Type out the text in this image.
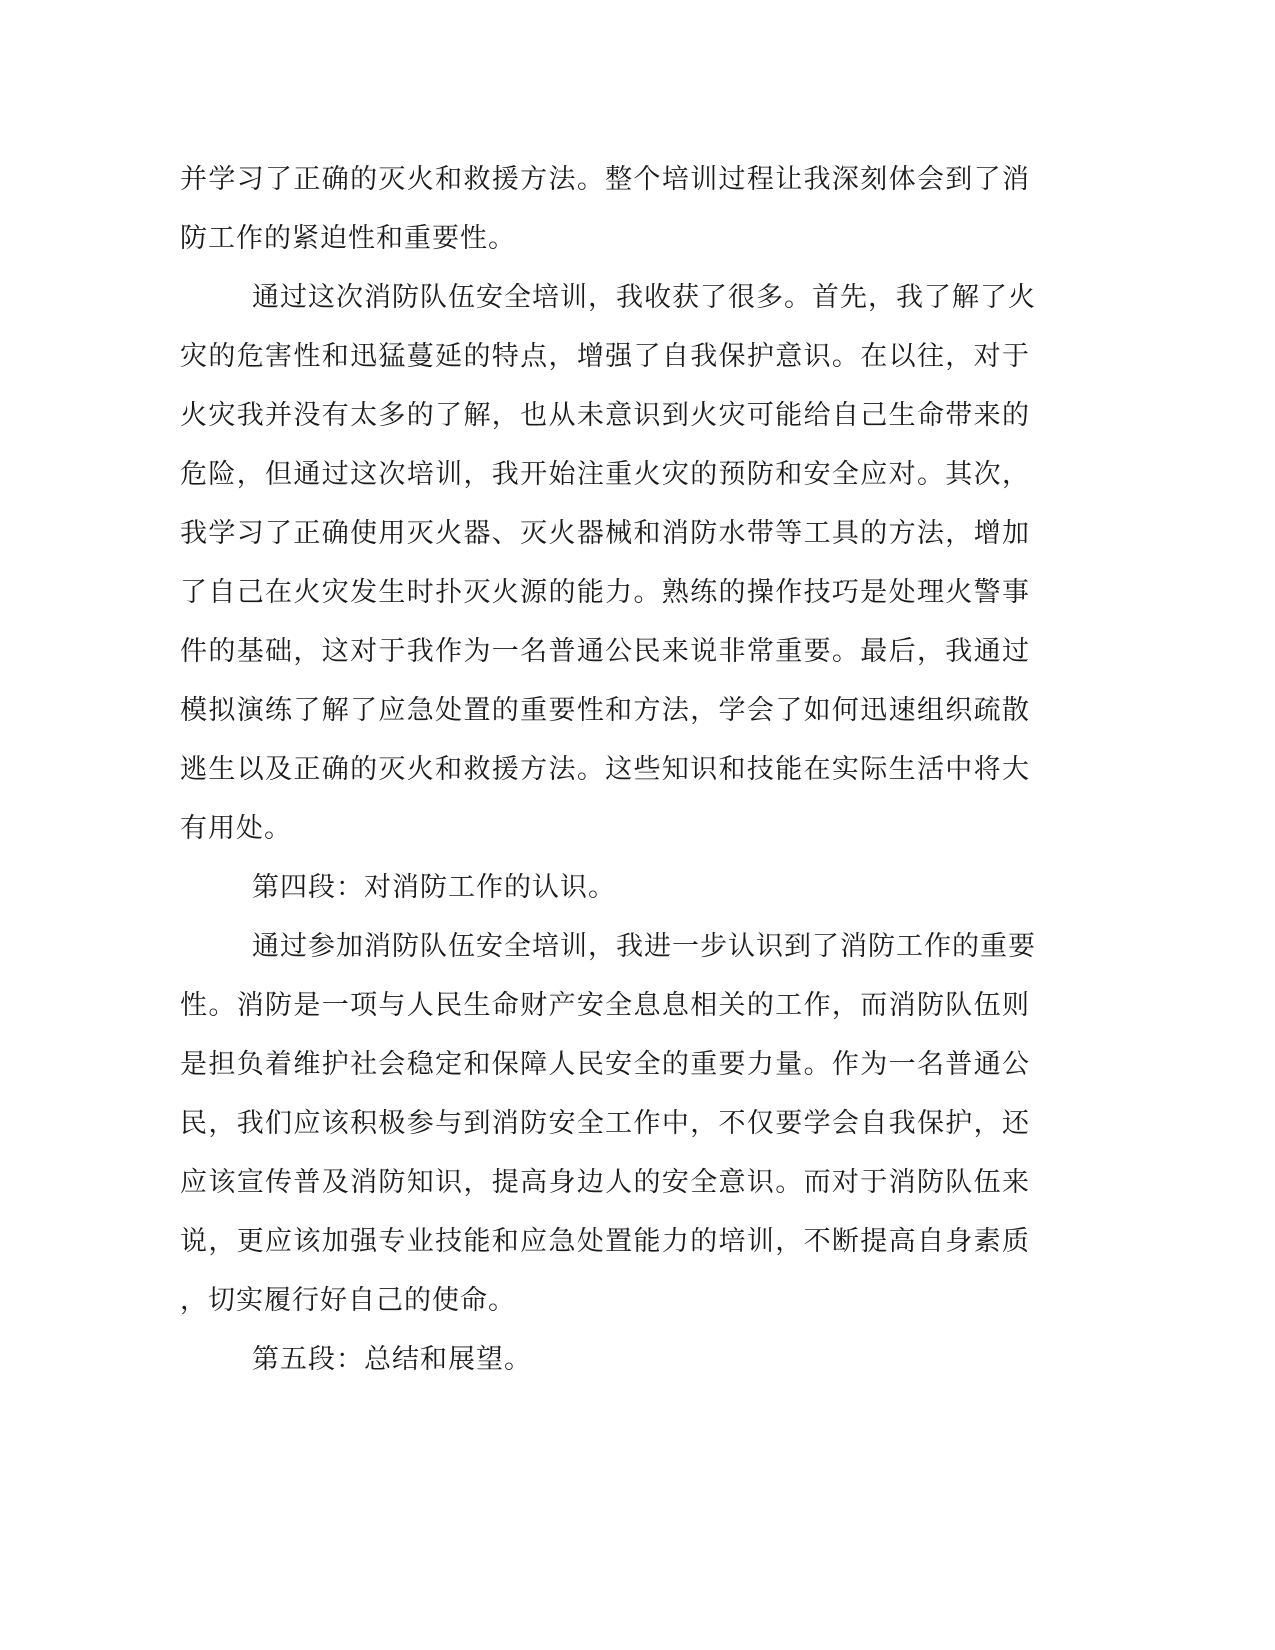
并学习了正确的灭火和救援方法。整个培训过程让我深刻体会到了消
防工作的紧迫性和重要性。
通过这次消防队伍安全培训，我收获了很多。首先，我了解了火
灾的危害性和迅猛蔓延的特点，增强了自我保护意识。在以往，对于
火灾我并没有太多的了解，也从未意识到火灾可能给自己生命带来的
危险，但通过这次培训，我开始注重火灾的预防和安全应对。其次，
我学习了正确使用灭火器、灭火器械和消防水带等工具的方法，增加
了自己在火灾发生时扑灭火源的能力。熟练的操作技巧是处理火警事
件的基础，这对于我作为一名普通公民来说非常重要。最后，我通过
模拟演练了解了应急处置的重要性和方法，学会了如何迅速组织疏散
逃生以及正确的灭火和救援方法。这些知识和技能在实际生活中将大
有用处。
第四段：对消防工作的认识。
通过参加消防队伍安全培训，我进一步认识到了消防工作的重要
性。消防是一项与人民生命财产安全息息相关的工作，而消防队伍则
是担负着维护社会稳定和保障人民安全的重要力量。作为一名普通公
民，我们应该积极参与到消防安全工作中，不仅要学会自我保护，还
应该宣传普及消防知识，提高身边人的安全意识。而对于消防队伍来
说，更应该加强专业技能和应急处置能力的培训，不断提高自身素质
，切实履行好自己的使命。
第五段：总结和展望。
